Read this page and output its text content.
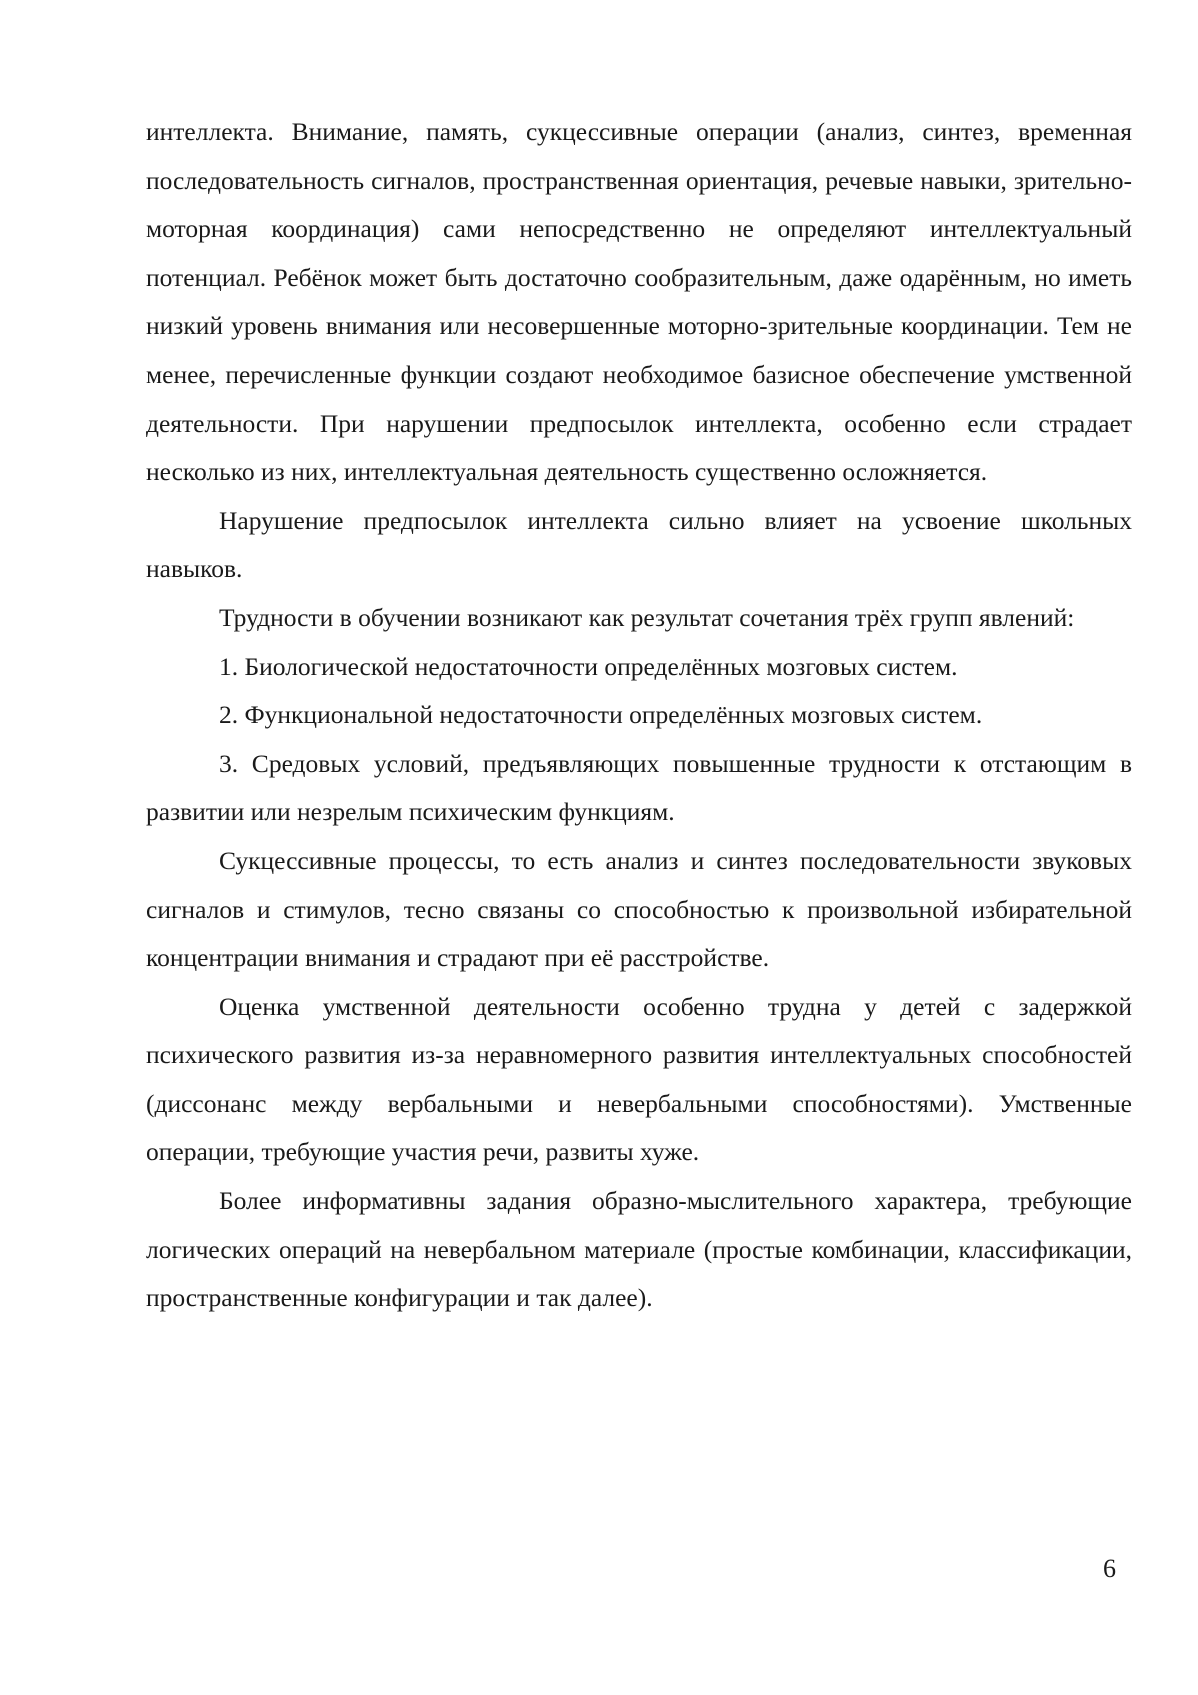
интеллекта. Внимание, память, сукцессивные операции (анализ, синтез, временная последовательность сигналов, пространственная ориентация, речевые навыки, зрительно-моторная координация) сами непосредственно не определяют интеллектуальный потенциал. Ребёнок может быть достаточно сообразительным, даже одарённым, но иметь низкий уровень внимания или несовершенные моторно-зрительные координации. Тем не менее, перечисленные функции создают необходимое базисное обеспечение умственной деятельности. При нарушении предпосылок интеллекта, особенно если страдает несколько из них, интеллектуальная деятельность существенно осложняется.

Нарушение предпосылок интеллекта сильно влияет на усвоение школьных навыков.

Трудности в обучении возникают как результат сочетания трёх групп явлений:

1. Биологической недостаточности определённых мозговых систем.

2. Функциональной недостаточности определённых мозговых систем.

3. Средовых условий, предъявляющих повышенные трудности к отстающим в развитии или незрелым психическим функциям.

Сукцессивные процессы, то есть анализ и синтез последовательности звуковых сигналов и стимулов, тесно связаны со способностью к произвольной избирательной концентрации внимания и страдают при её расстройстве.

Оценка умственной деятельности особенно трудна у детей с задержкой психического развития из-за неравномерного развития интеллектуальных способностей (диссонанс между вербальными и невербальными способностями). Умственные операции, требующие участия речи, развиты хуже.

Более информативны задания образно-мыслительного характера, требующие логических операций на невербальном материале (простые комбинации, классификации, пространственные конфигурации и так далее).

6
